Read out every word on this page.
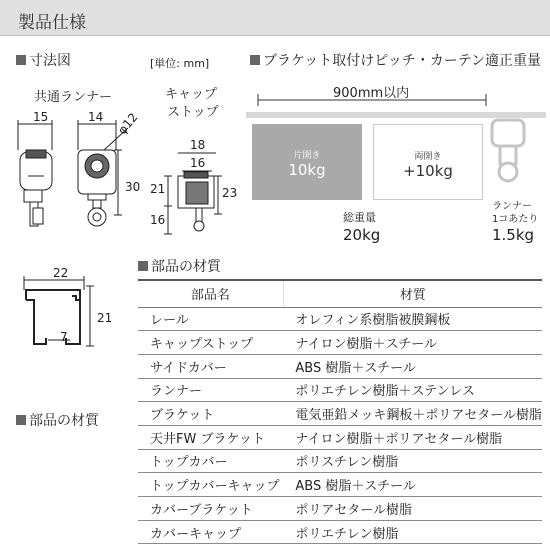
製品仕様
寸法図	[単位: mm]
共通ランナー
15	14 φ12
30
キャップ
ストップ
18
16
21	23
16
22
21
7
ブラケット取付けピッチ・カーテン適正重量
900mm以内
片開き
10kg
両開き
+10kg
総重量
20kg
ランナー
1コあたり
1.5kg
部品の材質
部品の材質
部品名	材質
レール	オレフィン系樹脂被膜鋼板
キャップストップ	ナイロン樹脂＋スチール
サイドカバー	ABS 樹脂＋スチール
ランナー	ポリエチレン樹脂＋ステンレス
ブラケット	電気亜鉛メッキ鋼板＋ポリアセタール樹脂
天井FW ブラケット	ナイロン樹脂＋ポリアセタール樹脂
トップカバー	ポリスチレン樹脂
トップカバーキャップ	ABS 樹脂＋スチール
カバーブラケット	ポリアセタール樹脂
カバーキャップ	ポリエチレン樹脂
